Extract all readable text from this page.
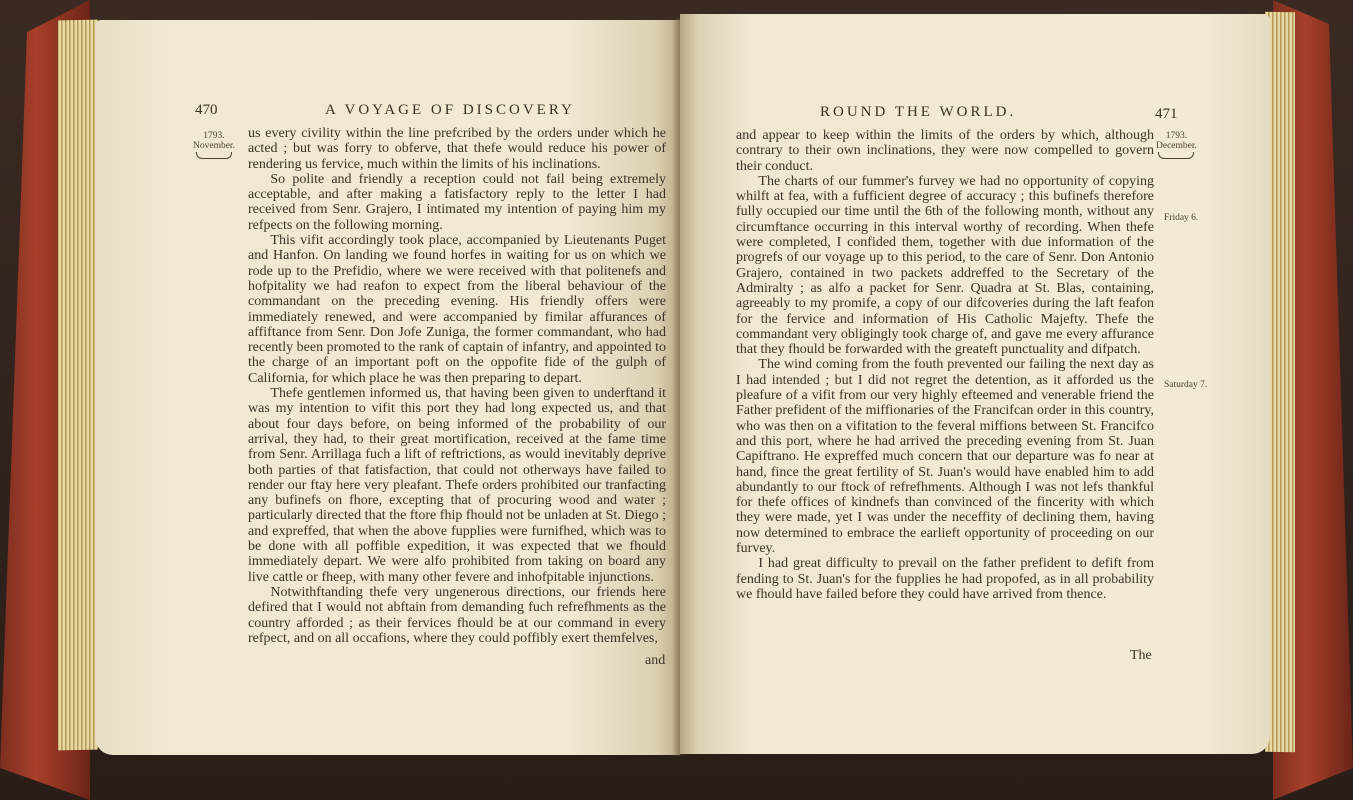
470	A VOYAGE OF DISCOVERY
1793.
November.

us every civility within the line prefcribed by the orders under which he acted ; but was forry to obferve, that thefe would reduce his power of rendering us fervice, much within the limits of his inclinations.

So polite and friendly a reception could not fail being extremely acceptable, and after making a fatisfactory reply to the letter I had received from Senr. Grajero, I intimated my intention of paying him my refpects on the following morning.

This vifit accordingly took place, accompanied by Lieutenants Puget and Hanfon. On landing we found horfes in waiting for us on which we rode up to the Prefidio, where we were received with that politenefs and hofpitality we had reafon to expect from the liberal behaviour of the commandant on the preceding evening. His friendly offers were immediately renewed, and were accompanied by fimilar affurances of affiftance from Senr. Don Jofe Zuniga, the former commandant, who had recently been promoted to the rank of captain of infantry, and appointed to the charge of an important poft on the oppofite fide of the gulph of California, for which place he was then preparing to depart.

Thefe gentlemen informed us, that having been given to underftand it was my intention to vifit this port they had long expected us, and that about four days before, on being informed of the probability of our arrival, they had, to their great mortification, received at the fame time from Senr. Arrillaga fuch a lift of reftrictions, as would inevitably deprive both parties of that fatisfaction, that could not otherways have failed to render our ftay here very pleafant. Thefe orders prohibited our tranfacting any bufinefs on fhore, excepting that of procuring wood and water ; particularly directed that the ftore fhip fhould not be unladen at St. Diego ; and expreffed, that when the above fupplies were furnifhed, which was to be done with all poffible expedition, it was expected that we fhould immediately depart. We were alfo prohibited from taking on board any live cattle or fheep, with many other fevere and inhofpitable injunctions.

Notwithftanding thefe very ungenerous directions, our friends here defired that I would not abftain from demanding fuch refrefhments as the country afforded ; as their fervices fhould be at our command in every refpect, and on all occafions, where they could poffibly exert themfelves,

and
ROUND THE WORLD.	471
1793.
December.
Friday 6.
Saturday 7.

and appear to keep within the limits of the orders by which, although contrary to their own inclinations, they were now compelled to govern their conduct.

The charts of our fummer's furvey we had no opportunity of copying whilft at fea, with a fufficient degree of accuracy ; this bufinefs therefore fully occupied our time until the 6th of the following month, without any circumftance occurring in this interval worthy of recording. When thefe were completed, I confided them, together with due information of the progrefs of our voyage up to this period, to the care of Senr. Don Antonio Grajero, contained in two packets addreffed to the Secretary of the Admiralty ; as alfo a packet for Senr. Quadra at St. Blas, containing, agreeably to my promife, a copy of our difcoveries during the laft feafon for the fervice and information of His Catholic Majefty. Thefe the commandant very obligingly took charge of, and gave me every affurance that they fhould be forwarded with the greateft punctuality and difpatch.

The wind coming from the fouth prevented our failing the next day as I had intended ; but I did not regret the detention, as it afforded us the pleafure of a vifit from our very highly efteemed and venerable friend the Father prefident of the miffionaries of the Francifcan order in this country, who was then on a vifitation to the feveral miffions between St. Francifco and this port, where he had arrived the preceding evening from St. Juan Capiftrano. He expreffed much concern that our departure was fo near at hand, fince the great fertility of St. Juan's would have enabled him to add abundantly to our ftock of refrefhments. Although I was not lefs thankful for thefe offices of kindnefs than convinced of the fincerity with which they were made, yet I was under the neceffity of declining them, having now determined to embrace the earlieft opportunity of proceeding on our furvey.

I had great difficulty to prevail on the father prefident to defift from fending to St. Juan's for the fupplies he had propofed, as in all probability we fhould have failed before they could have arrived from thence.

The
